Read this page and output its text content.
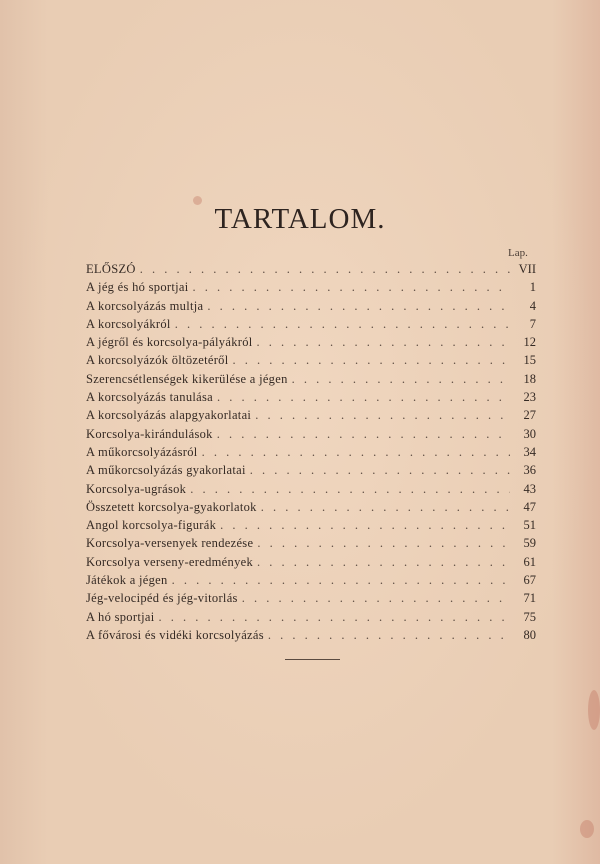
TARTALOM.
Lap.
ELŐSZÓ . . .	VII
A jég és hó sportjai . . .	1
A korcsolyázás multja . . .	4
A korcsolyákról . . .	7
A jégről és korcsolya-pályákról . . .	12
A korcsolyázók öltözetéről . . .	15
Szerencsétlenségek kikerülése a jégen . . .	18
A korcsolyázás tanulása . . .	23
A korcsolyázás alapgyakorlatai . . .	27
Korcsolya-kirándulások . . .	30
A műkorcsolyázásról . . .	34
A műkorcsolyázás gyakorlatai . . .	36
Korcsolya-ugrások . . .	43
Összetett korcsolya-gyakorlatok . . .	47
Angol korcsolya-figurák . . .	51
Korcsolya-versenyek rendezése . . .	59
Korcsolya verseny-eredmények . . .	61
Játékok a jégen . . .	67
Jég-velocipéd és jég-vitorlás . . .	71
A hó sportjai . . .	75
A fővárosi és vidéki korcsolyázás . . .	80
